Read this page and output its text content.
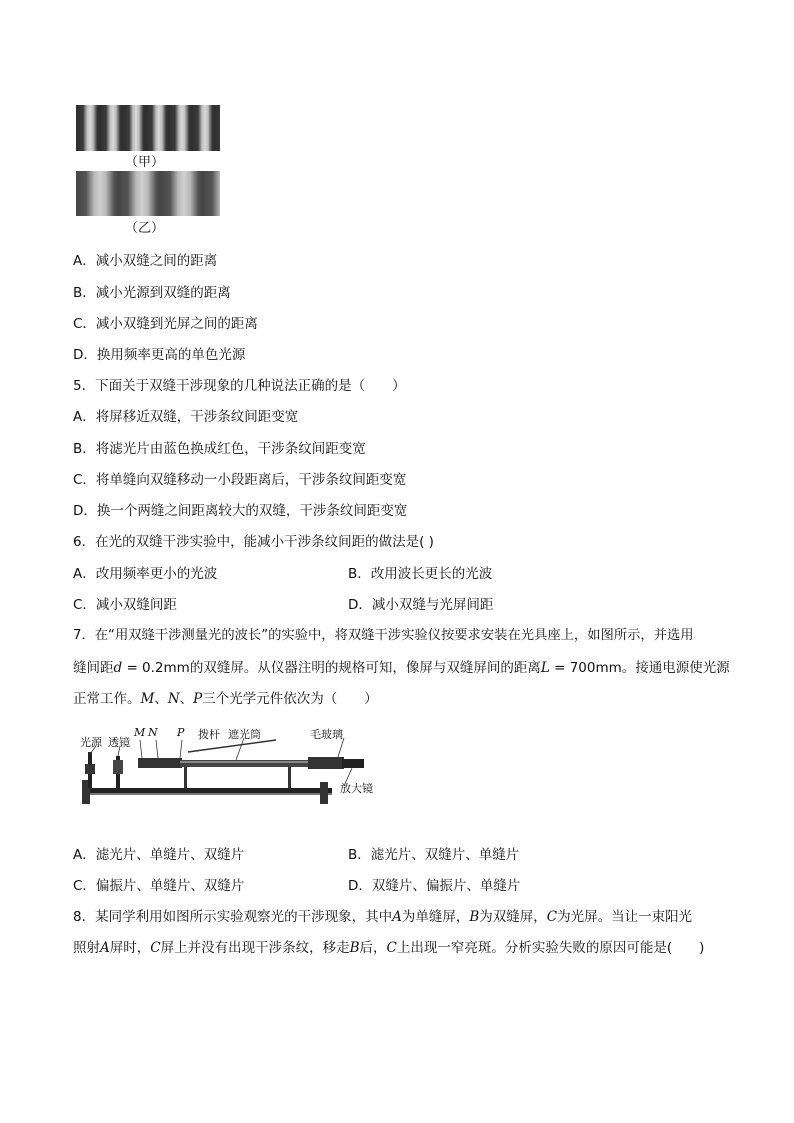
（甲）
（乙）
A．减小双缝之间的距离
B．减小光源到双缝的距离
C．减小双缝到光屏之间的距离
D．换用频率更高的单色光源
5．下面关于双缝干涉现象的几种说法正确的是（　　）
A．将屏移近双缝，干涉条纹间距变宽
B．将滤光片由蓝色换成红色，干涉条纹间距变宽
C．将单缝向双缝移动一小段距离后，干涉条纹间距变宽
D．换一个两缝之间距离较大的双缝，干涉条纹间距变宽
6．在光的双缝干涉实验中，能减小干涉条纹间距的做法是( )
A．改用频率更小的光波	B．改用波长更长的光波
C．减小双缝间距	D．减小双缝与光屏间距
7．在“用双缝干涉测量光的波长”的实验中，将双缝干涉实验仪按要求安装在光具座上，如图所示，并选用
缝间距d = 0.2mm的双缝屏。从仪器注明的规格可知，像屏与双缝屏间的距离L = 700mm。接通电源使光源
正常工作。M、N、P三个光学元件依次为（　　）
光源 透镜
M N P 拨杆 遮光筒	毛玻璃
放大镜
A．滤光片、单缝片、双缝片	B．滤光片、双缝片、单缝片
C．偏振片、单缝片、双缝片	D．双缝片、偏振片、单缝片
8．某同学利用如图所示实验观察光的干涉现象，其中A为单缝屏，B为双缝屏，C为光屏。当让一束阳光
照射A屏时，C屏上并没有出现干涉条纹，移走B后，C上出现一窄亮斑。分析实验失败的原因可能是(　　)
